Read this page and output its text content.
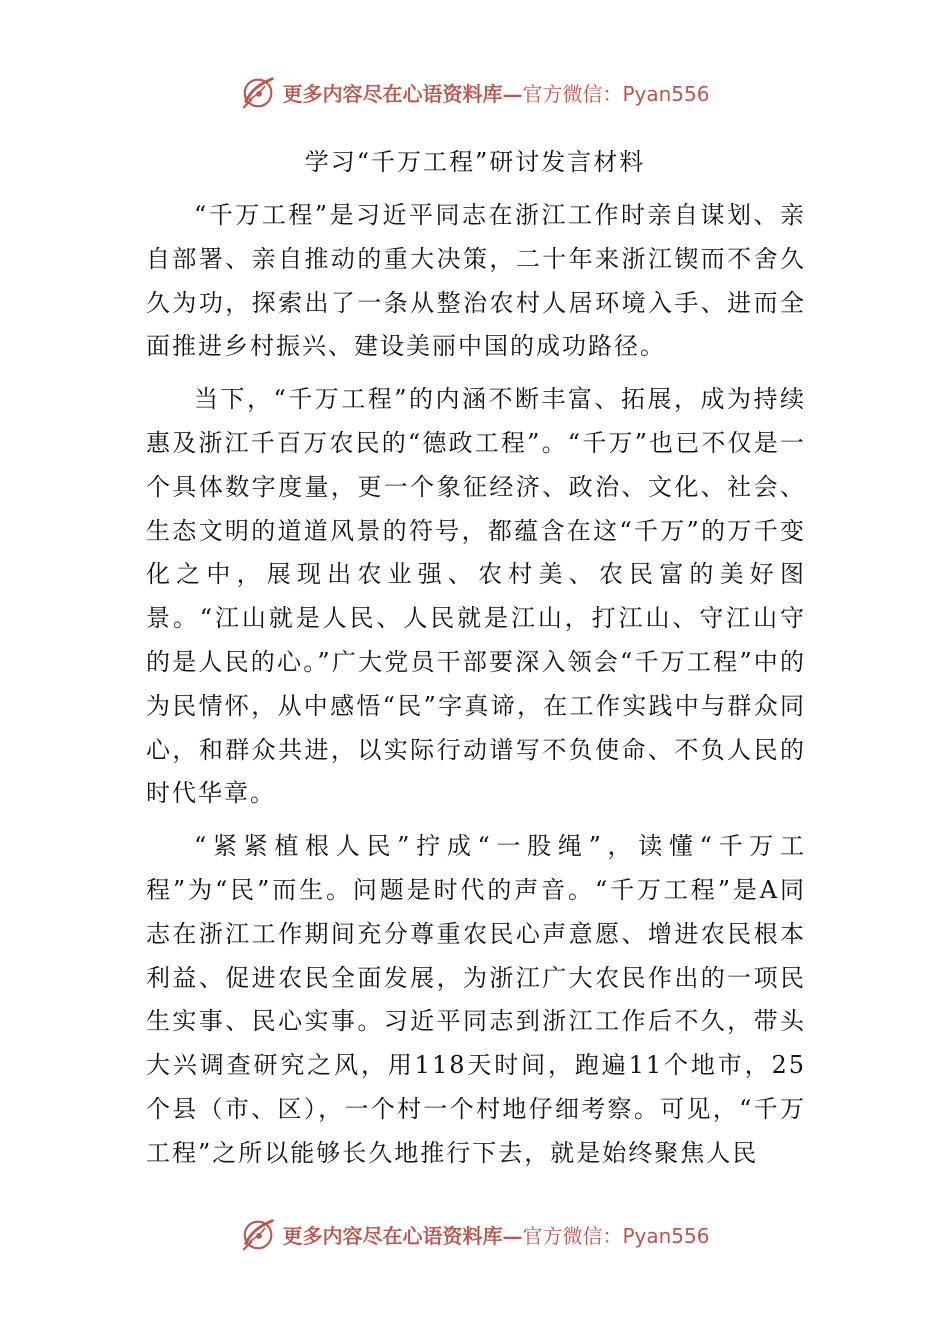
更多内容尽在心语资料库—官方微信：Pyan556
学习“千万工程”研讨发言材料

“千万工程”是习近平同志在浙江工作时亲自谋划、亲自部署、亲自推动的重大决策，二十年来浙江锲而不舍久久为功，探索出了一条从整治农村人居环境入手、进而全面推进乡村振兴、建设美丽中国的成功路径。

当下，“千万工程”的内涵不断丰富、拓展，成为持续惠及浙江千百万农民的“德政工程”。“千万”也已不仅是一个具体数字度量，更一个象征经济、政治、文化、社会、生态文明的道道风景的符号，都蕴含在这“千万”的万千变化之中，展现出农业强、农村美、农民富的美好图景。“江山就是人民、人民就是江山，打江山、守江山守的是人民的心。”广大党员干部要深入领会“千万工程”中的为民情怀，从中感悟“民”字真谛，在工作实践中与群众同心，和群众共进，以实际行动谱写不负使命、不负人民的时代华章。

“紧紧植根人民”拧成“一股绳”，读懂“千万工程”为“民”而生。问题是时代的声音。“千万工程”是A同志在浙江工作期间充分尊重农民心声意愿、增进农民根本利益、促进农民全面发展，为浙江广大农民作出的一项民生实事、民心实事。习近平同志到浙江工作后不久，带头大兴调查研究之风，用118天时间，跑遍11个地市，25个县（市、区），一个村一个村地仔细考察。可见，“千万工程”之所以能够长久地推行下去，就是始终聚焦人民

更多内容尽在心语资料库—官方微信：Pyan556
